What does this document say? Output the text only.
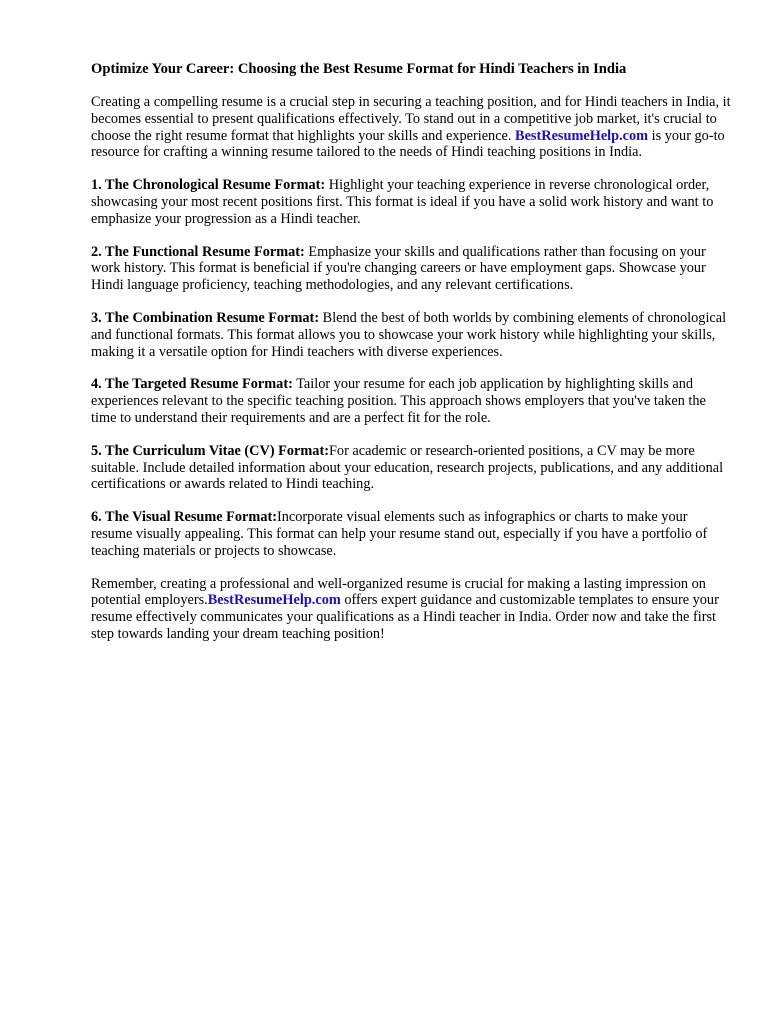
Optimize Your Career: Choosing the Best Resume Format for Hindi Teachers in India

Creating a compelling resume is a crucial step in securing a teaching position, and for Hindi teachers in India, it becomes essential to present qualifications effectively. To stand out in a competitive job market, it's crucial to choose the right resume format that highlights your skills and experience. BestResumeHelp.com is your go-to resource for crafting a winning resume tailored to the needs of Hindi teaching positions in India.

1. The Chronological Resume Format: Highlight your teaching experience in reverse chronological order, showcasing your most recent positions first. This format is ideal if you have a solid work history and want to emphasize your progression as a Hindi teacher.

2. The Functional Resume Format: Emphasize your skills and qualifications rather than focusing on your work history. This format is beneficial if you're changing careers or have employment gaps. Showcase your Hindi language proficiency, teaching methodologies, and any relevant certifications.

3. The Combination Resume Format: Blend the best of both worlds by combining elements of chronological and functional formats. This format allows you to showcase your work history while highlighting your skills, making it a versatile option for Hindi teachers with diverse experiences.

4. The Targeted Resume Format: Tailor your resume for each job application by highlighting skills and experiences relevant to the specific teaching position. This approach shows employers that you've taken the time to understand their requirements and are a perfect fit for the role.

5. The Curriculum Vitae (CV) Format:For academic or research-oriented positions, a CV may be more suitable. Include detailed information about your education, research projects, publications, and any additional certifications or awards related to Hindi teaching.

6. The Visual Resume Format:Incorporate visual elements such as infographics or charts to make your resume visually appealing. This format can help your resume stand out, especially if you have a portfolio of teaching materials or projects to showcase.

Remember, creating a professional and well-organized resume is crucial for making a lasting impression on potential employers.BestResumeHelp.com offers expert guidance and customizable templates to ensure your resume effectively communicates your qualifications as a Hindi teacher in India. Order now and take the first step towards landing your dream teaching position!
